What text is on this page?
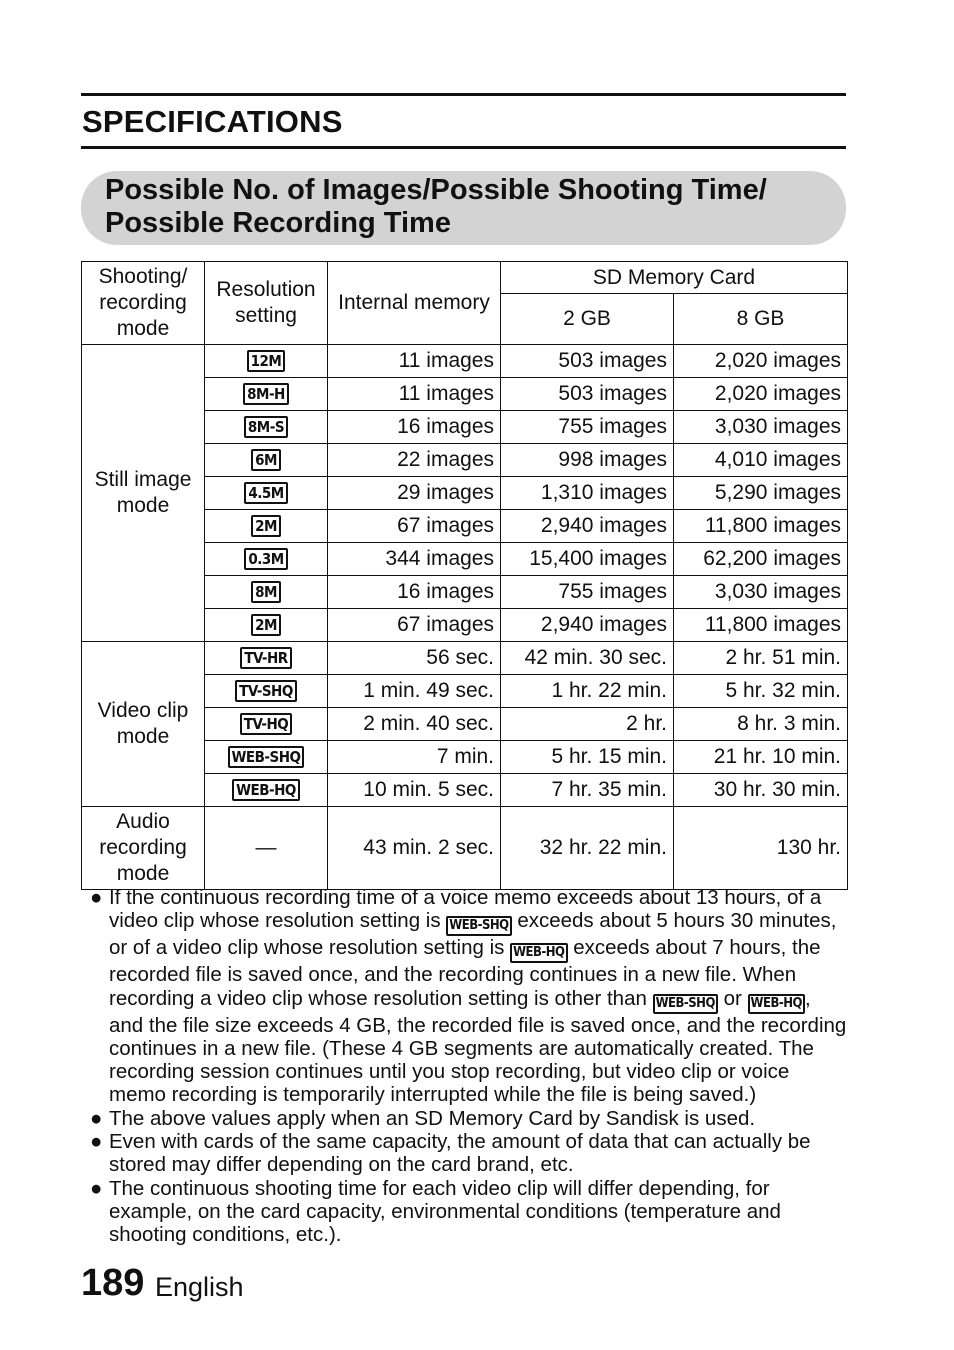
SPECIFICATIONS
Possible No. of Images/Possible Shooting Time/
Possible Recording Time
Shooting/ recording mode	Resolution setting	Internal memory	SD Memory Card	
			2 GB	8 GB
Still image mode	12M	11 images	503 images	2,020 images
	8M-H	11 images	503 images	2,020 images
	8M-S	16 images	755 images	3,030 images
	6M	22 images	998 images	4,010 images
	4.5M	29 images	1,310 images	5,290 images
	2M	67 images	2,940 images	11,800 images
	0.3M	344 images	15,400 images	62,200 images
	8M	16 images	755 images	3,030 images
	2M	67 images	2,940 images	11,800 images
Video clip mode	TV-HR	56 sec.	42 min. 30 sec.	2 hr. 51 min.
	TV-SHQ	1 min. 49 sec.	1 hr. 22 min.	5 hr. 32 min.
	TV-HQ	2 min. 40 sec.	2 hr.	8 hr. 3 min.
	WEB-SHQ	7 min.	5 hr. 15 min.	21 hr. 10 min.
	WEB-HQ	10 min. 5 sec.	7 hr. 35 min.	30 hr. 30 min.
Audio recording mode	—	43 min. 2 sec.	32 hr. 22 min.	130 hr.
● If the continuous recording time of a voice memo exceeds about 13 hours, of a video clip whose resolution setting is WEB-SHQ exceeds about 5 hours 30 minutes, or of a video clip whose resolution setting is WEB-HQ exceeds about 7 hours, the recorded file is saved once, and the recording continues in a new file. When recording a video clip whose resolution setting is other than WEB-SHQ or WEB-HQ , and the file size exceeds 4 GB, the recorded file is saved once, and the recording continues in a new file. (These 4 GB segments are automatically created. The recording session continues until you stop recording, but video clip or voice memo recording is temporarily interrupted while the file is being saved.)
● The above values apply when an SD Memory Card by Sandisk is used.
● Even with cards of the same capacity, the amount of data that can actually be stored may differ depending on the card brand, etc.
● The continuous shooting time for each video clip will differ depending, for example, on the card capacity, environmental conditions (temperature and shooting conditions, etc.).
189 English
